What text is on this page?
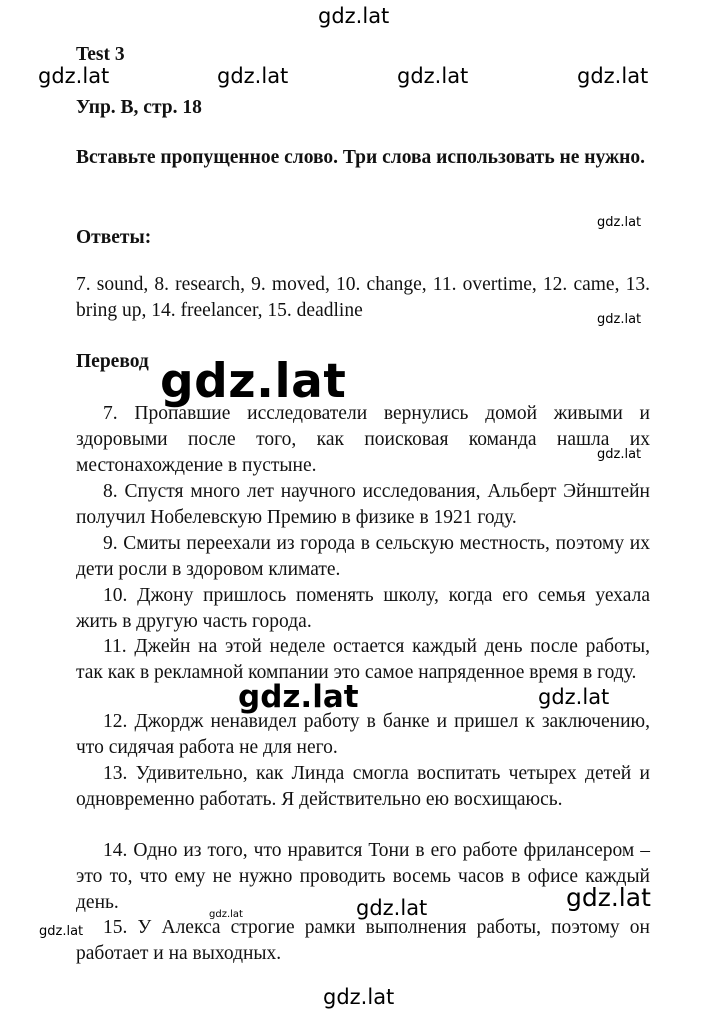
Test 3
Упр. B, стр. 18

Вставьте пропущенное слово. Три слова использовать не нужно.

Ответы:

7. sound, 8. research, 9. moved, 10. change, 11. overtime, 12. came, 13. bring up, 14. freelancer, 15. deadline

Перевод

7. Пропавшие исследователи вернулись домой живыми и здоровыми после того, как поисковая команда нашла их местонахождение в пустыне.

8. Спустя много лет научного исследования, Альберт Эйнштейн получил Нобелевскую Премию в физике в 1921 году.

9. Смиты переехали из города в сельскую местность, поэтому их дети росли в здоровом климате.

10. Джону пришлось поменять школу, когда его семья уехала жить в другую часть города.

11. Джейн на этой неделе остается каждый день после работы, так как в рекламной компании это самое напряденное время в году.

12. Джордж ненавидел работу в банке и пришел к заключению, что сидячая работа не для него.

13. Удивительно, как Линда смогла воспитать четырех детей и одновременно работать. Я действительно ею восхищаюсь.

14. Одно из того, что нравится Тони в его работе фрилансером – это то, что ему не нужно проводить восемь часов в офисе каждый день.

15. У Алекса строгие рамки выполнения работы, поэтому он работает и на выходных.

gdz.lat
gdz.lat	gdz.lat	gdz.lat	gdz.lat
gdz.lat
gdz.lat
gdz.lat
gdz.lat
gdz.lat	gdz.lat
gdz.lat
gdz.lat
gdz.lat
gdz.lat
gdz.lat
